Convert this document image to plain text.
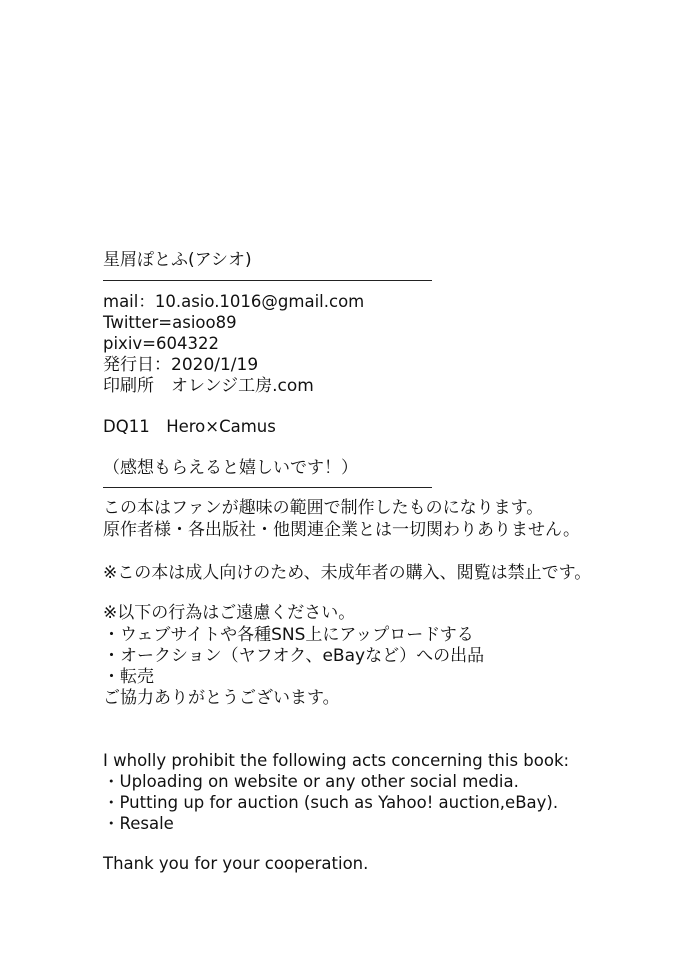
星屑ぽとふ(アシオ)
mail：10.asio.1016@gmail.com
Twitter=asioo89
pixiv=604322
発行日：2020/1/19
印刷所　オレンジ工房.com
DQ11　Hero×Camus
（感想もらえると嬉しいです！）
この本はファンが趣味の範囲で制作したものになります。
原作者様・各出版社・他関連企業とは一切関わりありません。
※この本は成人向けのため、未成年者の購入、閲覧は禁止です。
※以下の行為はご遠慮ください。
・ウェブサイトや各種SNS上にアップロードする
・オークション（ヤフオク、eBayなど）への出品
・転売
ご協力ありがとうございます。
I wholly prohibit the following acts concerning this book:
・Uploading on website or any other social media.
・Putting up for auction (such as Yahoo! auction,eBay).
・Resale
Thank you for your cooperation.
